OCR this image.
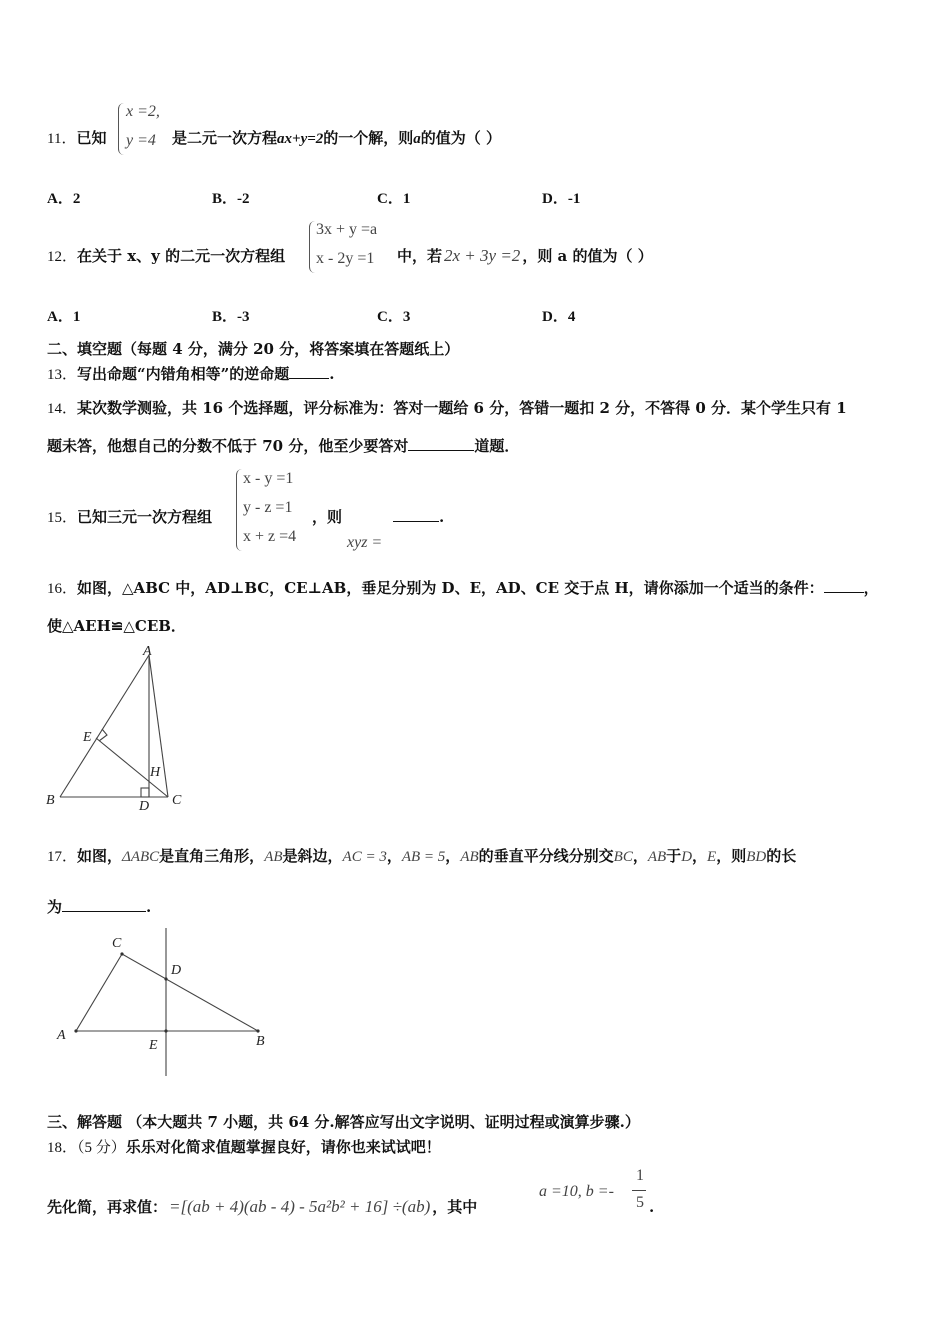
11．已知
x =2,
y =4 是二元一次方程ax+y=2的一个解，则a的值为（ ）
A．2	B．-2	C．1	D．-1
12．在关于 x、y 的二元一次方程组
3x + y =a
x - 2y =1 中，若 2x + 3y =2 ，则 a 的值为（ ）
A．1	B．-3	C．3	D．4
二、填空题（每题 4 分，满分 20 分，将答案填在答题纸上）
13．写出命题“内错角相等”的逆命题	.
14．某次数学测验，共 16 个选择题，评分标准为：答对一题给 6 分，答错一题扣 2 分，不答得 0 分．某个学生只有 1
题未答，他想自己的分数不低于 70 分，他至少要答对	道题．
15．已知三元一次方程组
x - y =1
y - z =1
x + z =4
，则
xyz =
.
16．如图，△ABC 中，AD⊥BC，CE⊥AB，垂足分别为 D、E，AD、CE 交于点 H，请你添加一个适当的条件：	，
使△AEH≌△CEB．
A
E
H
B	D C
17．如图，ΔABC是直角三角形，AB是斜边，AC = 3，AB = 5，AB的垂直平分线分别交BC，AB于D，E，则BD的长
为	.
C
D
A
E	B
三、解答题 （本大题共 7 小题，共 64 分.解答应写出文字说明、证明过程或演算步骤.）
18．（5 分）乐乐对化简求值题掌握良好，请你也来试试吧！
先化简，再求值： =[(ab + 4)(ab - 4) - 5a²b² + 16] ÷(ab) ，其中
a =10, b =-
1
5 .
